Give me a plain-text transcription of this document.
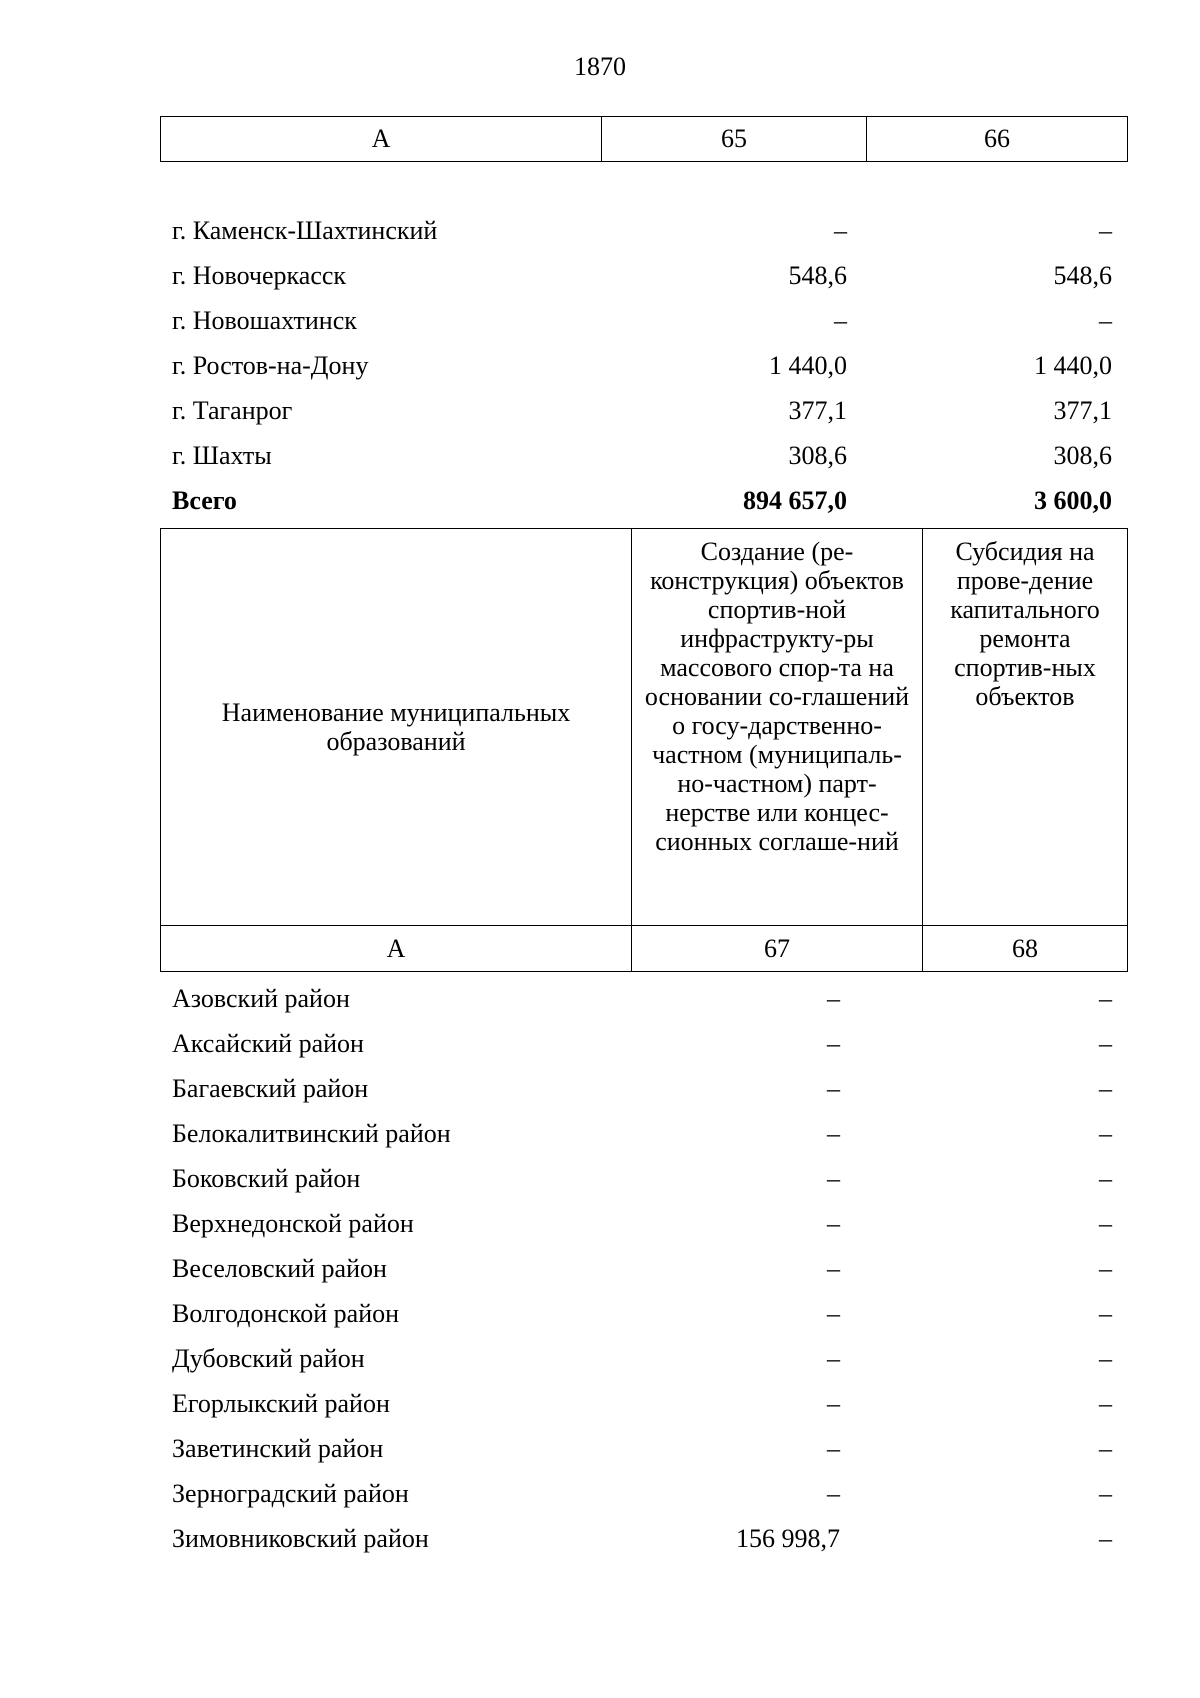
1870
А	65	66
г. Каменск-Шахтинский	–	–
г. Новочеркасск	548,6	548,6
г. Новошахтинск	–	–
г. Ростов-на-Дону	1 440,0	1 440,0
г. Таганрог	377,1	377,1
г. Шахты	308,6	308,6
Всего	894 657,0	3 600,0
Наименование муниципальных образований	Создание (ре-конструкция) объектов спортив-ной инфраструкту-ры массового спор-та на основании со-глашений о госу-дарственно-частном (муниципаль-но-частном) парт-нерстве или концес-сионных соглаше-ний	Субсидия на прове-дение капитального ремонта спортив-ных объектов
А	67	68
Азовский район	–	–
Аксайский район	–	–
Багаевский район	–	–
Белокалитвинский район	–	–
Боковский район	–	–
Верхнедонской район	–	–
Веселовский район	–	–
Волгодонской район	–	–
Дубовский район	–	–
Егорлыкский район	–	–
Заветинский район	–	–
Зерноградский район	–	–
Зимовниковский район	156 998,7	–
